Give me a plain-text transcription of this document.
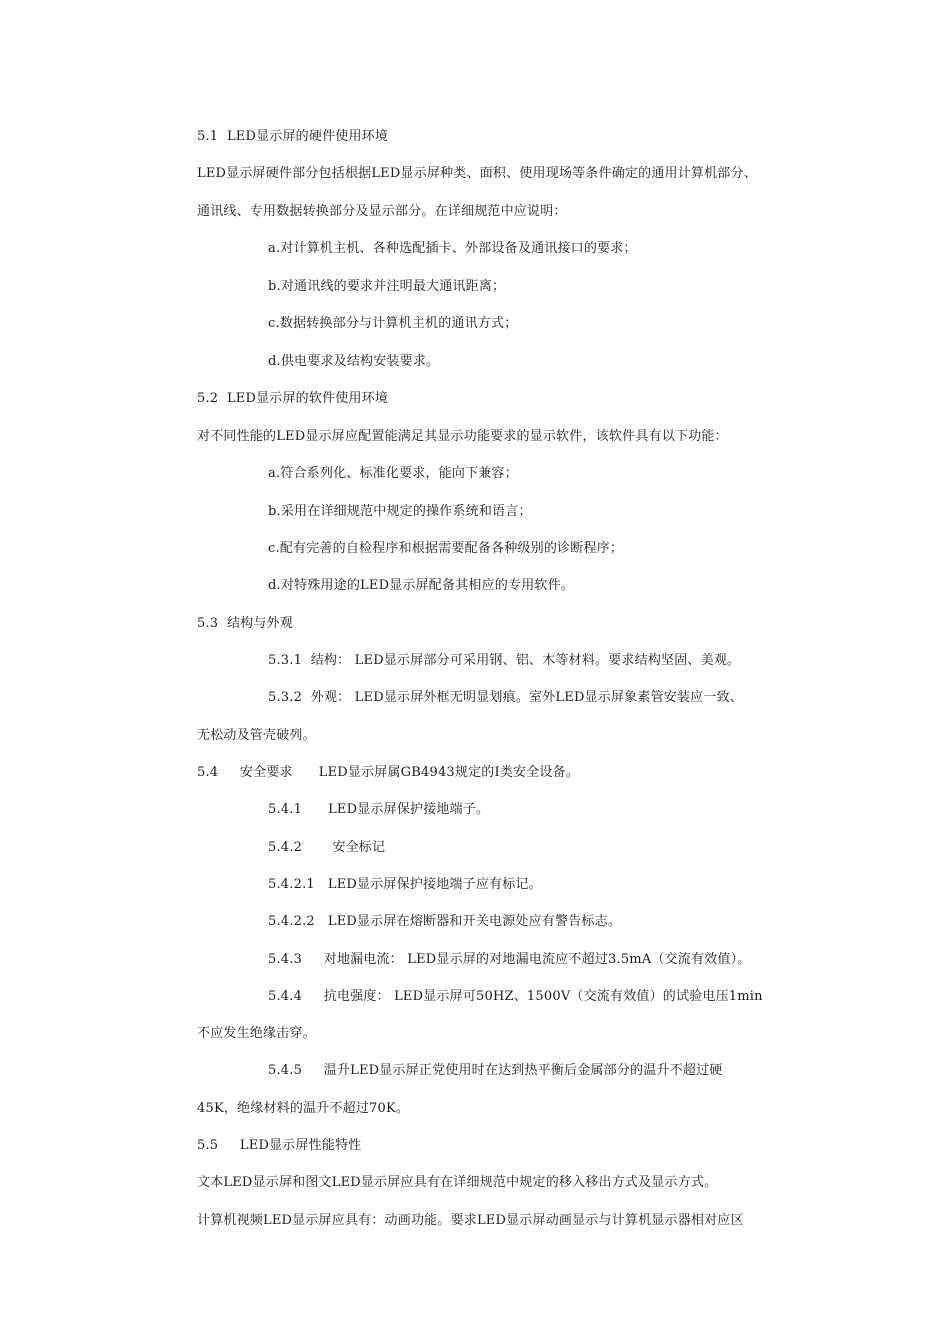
5.1  LED显示屏的硬件使用环境
LED显示屏硬件部分包括根据LED显示屏种类、面积、使用现场等条件确定的通用计算机部分、
通讯线、专用数据转换部分及显示部分。在详细规范中应说明：
a.对计算机主机、各种选配插卡、外部设备及通讯接口的要求；
b.对通讯线的要求并注明最大通讯距离；
c.数据转换部分与计算机主机的通讯方式；
d.供电要求及结构安装要求。
5.2  LED显示屏的软件使用环境
对不同性能的LED显示屏应配置能满足其显示功能要求的显示软件，该软件具有以下功能：
a.符合系列化、标准化要求，能向下兼容；
b.采用在详细规范中规定的操作系统和语言；
c.配有完善的自检程序和根据需要配备各种级别的诊断程序；
d.对特殊用途的LED显示屏配备其相应的专用软件。
5.3  结构与外观
5.3.1  结构： LED显示屏部分可采用钢、铝、木等材料。要求结构坚固、美观。
5.3.2  外观： LED显示屏外框无明显划痕。室外LED显示屏象素管安装应一致、
无松动及管壳破列。
5.4     安全要求      LED显示屏属GB4943规定的I类安全设备。
5.4.1      LED显示屏保护接地端子。
5.4.2       安全标记
5.4.2.1   LED显示屏保护接地端子应有标记。
5.4.2.2   LED显示屏在熔断器和开关电源处应有警告标志。
5.4.3     对地漏电流： LED显示屏的对地漏电流应不超过3.5mA（交流有效值）。
5.4.4     抗电强度： LED显示屏可50HZ、1500V（交流有效值）的试验电压1min
不应发生绝缘击穿。
5.4.5     温升LED显示屏正党使用时在达到热平衡后金属部分的温升不超过硬
45K，绝缘材料的温升不超过70K。
5.5     LED显示屏性能特性
文本LED显示屏和图文LED显示屏应具有在详细规范中规定的移入移出方式及显示方式。
计算机视频LED显示屏应具有：动画功能。要求LED显示屏动画显示与计算机显示器相对应区
